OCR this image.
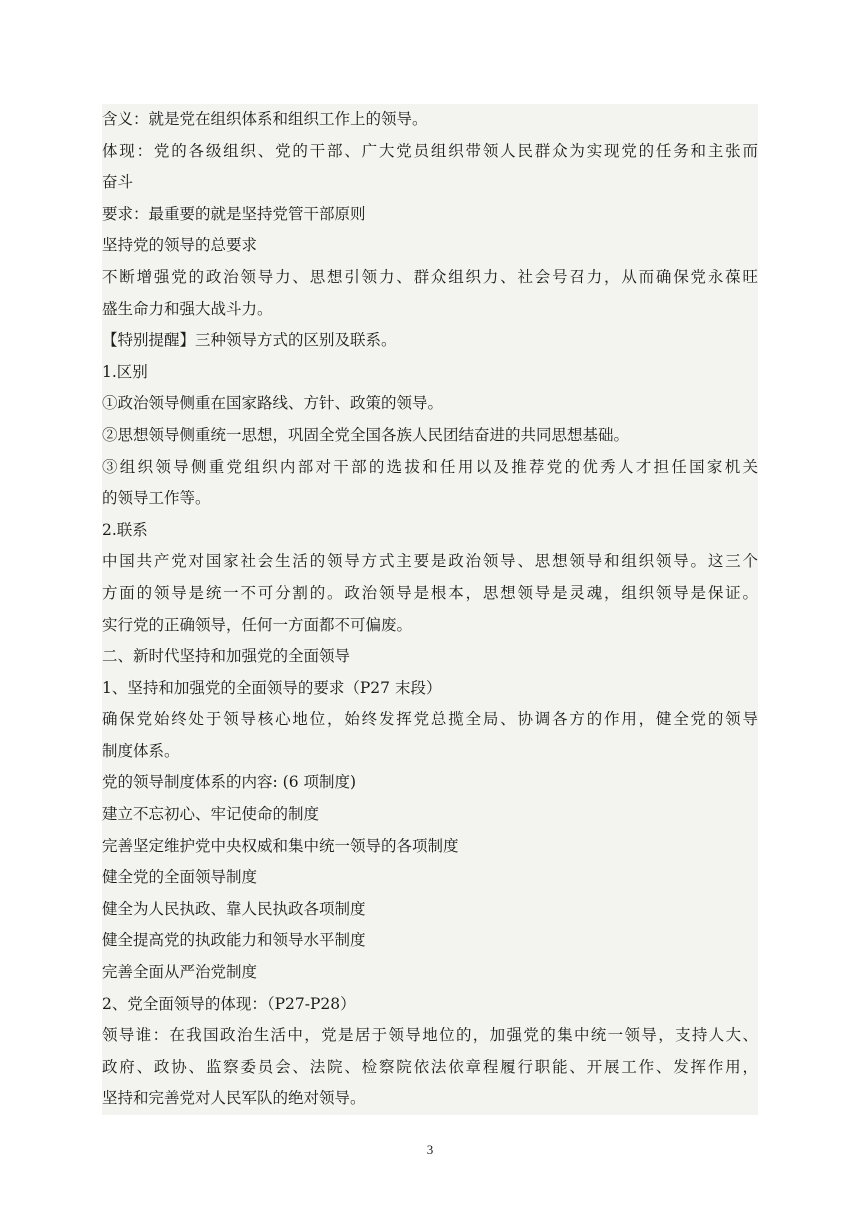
含义：就是党在组织体系和组织工作上的领导。
体现：党的各级组织、党的干部、广大党员组织带领人民群众为实现党的任务和主张而
奋斗
要求：最重要的就是坚持党管干部原则
坚持党的领导的总要求
不断增强党的政治领导力、思想引领力、群众组织力、社会号召力，从而确保党永葆旺
盛生命力和强大战斗力。
【特别提醒】三种领导方式的区别及联系。
1.区别
①政治领导侧重在国家路线、方针、政策的领导。
②思想领导侧重统一思想，巩固全党全国各族人民团结奋进的共同思想基础。
③组织领导侧重党组织内部对干部的选拔和任用以及推荐党的优秀人才担任国家机关
的领导工作等。
2.联系
中国共产党对国家社会生活的领导方式主要是政治领导、思想领导和组织领导。这三个
方面的领导是统一不可分割的。政治领导是根本，思想领导是灵魂，组织领导是保证。
实行党的正确领导，任何一方面都不可偏废。
二、新时代坚持和加强党的全面领导
1、坚持和加强党的全面领导的要求（P27 末段）
确保党始终处于领导核心地位，始终发挥党总揽全局、协调各方的作用，健全党的领导
制度体系。
党的领导制度体系的内容: (6 项制度)
建立不忘初心、牢记使命的制度
完善坚定维护党中央权威和集中统一领导的各项制度
健全党的全面领导制度
健全为人民执政、靠人民执政各项制度
健全提高党的执政能力和领导水平制度
完善全面从严治党制度
2、党全面领导的体现：（P27-P28）
领导谁：在我国政治生活中，党是居于领导地位的，加强党的集中统一领导，支持人大、
政府、政协、监察委员会、法院、检察院依法依章程履行职能、开展工作、发挥作用，
坚持和完善党对人民军队的绝对领导。
3
